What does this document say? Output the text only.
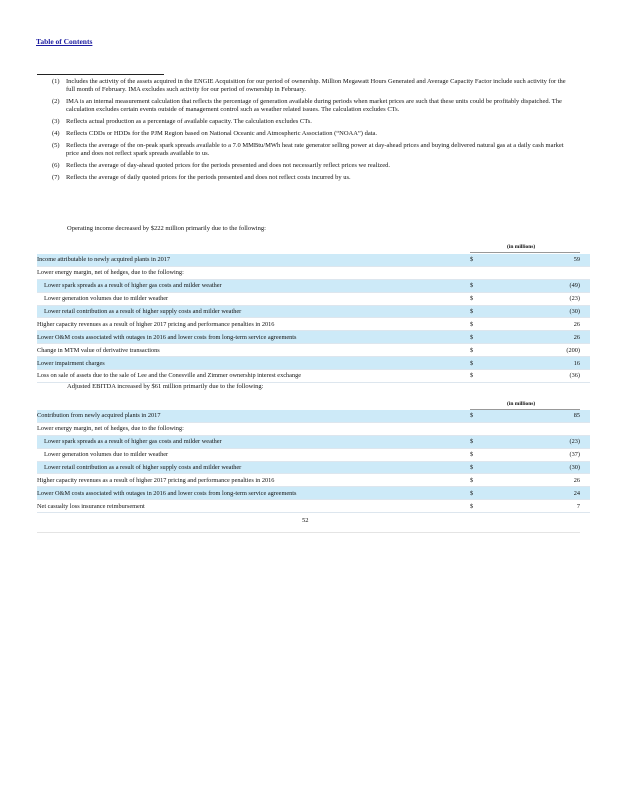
Table of Contents
(1) Includes the activity of the assets acquired in the ENGIE Acquisition for our period of ownership. Million Megawatt Hours Generated and Average Capacity Factor include such activity for the full month of February. IMA excludes such activity for our period of ownership in February.
(2) IMA is an internal measurement calculation that reflects the percentage of generation available during periods when market prices are such that these units could be profitably dispatched. The calculation excludes certain events outside of management control such as weather related issues. The calculation excludes CTs.
(3) Reflects actual production as a percentage of available capacity. The calculation excludes CTs.
(4) Reflects CDDs or HDDs for the PJM Region based on National Oceanic and Atmospheric Association (“NOAA”) data.
(5) Reflects the average of the on-peak spark spreads available to a 7.0 MMBtu/MWh heat rate generator selling power at day-ahead prices and buying delivered natural gas at a daily cash market price and does not reflect spark spreads available to us.
(6) Reflects the average of day-ahead quoted prices for the periods presented and does not necessarily reflect prices we realized.
(7) Reflects the average of daily quoted prices for the periods presented and does not reflect costs incurred by us.
Operating income decreased by $222 million primarily due to the following:
(in millions)
Income attributable to newly acquired plants in 2017	$	59
Lower energy margin, net of hedges, due to the following:		
Lower spark spreads as a result of higher gas costs and milder weather	$	(49)
Lower generation volumes due to milder weather	$	(23)
Lower retail contribution as a result of higher supply costs and milder weather	$	(30)
Higher capacity revenues as a result of higher 2017 pricing and performance penalties in 2016	$	26
Lower O&M costs associated with outages in 2016 and lower costs from long-term service agreements	$	26
Change in MTM value of derivative transactions	$	(200)
Lower impairment charges	$	16
Loss on sale of assets due to the sale of Lee and the Conesville and Zimmer ownership interest exchange	$	(36)
Adjusted EBITDA increased by $61 million primarily due to the following:
(in millions)
Contribution from newly acquired plants in 2017	$	85
Lower energy margin, net of hedges, due to the following:		
Lower spark spreads as a result of higher gas costs and milder weather	$	(23)
Lower generation volumes due to milder weather	$	(37)
Lower retail contribution as a result of higher supply costs and milder weather	$	(30)
Higher capacity revenues as a result of higher 2017 pricing and performance penalties in 2016	$	26
Lower O&M costs associated with outages in 2016 and lower costs from long-term service agreements	$	24
Net casualty loss insurance reimbursement	$	7
52
